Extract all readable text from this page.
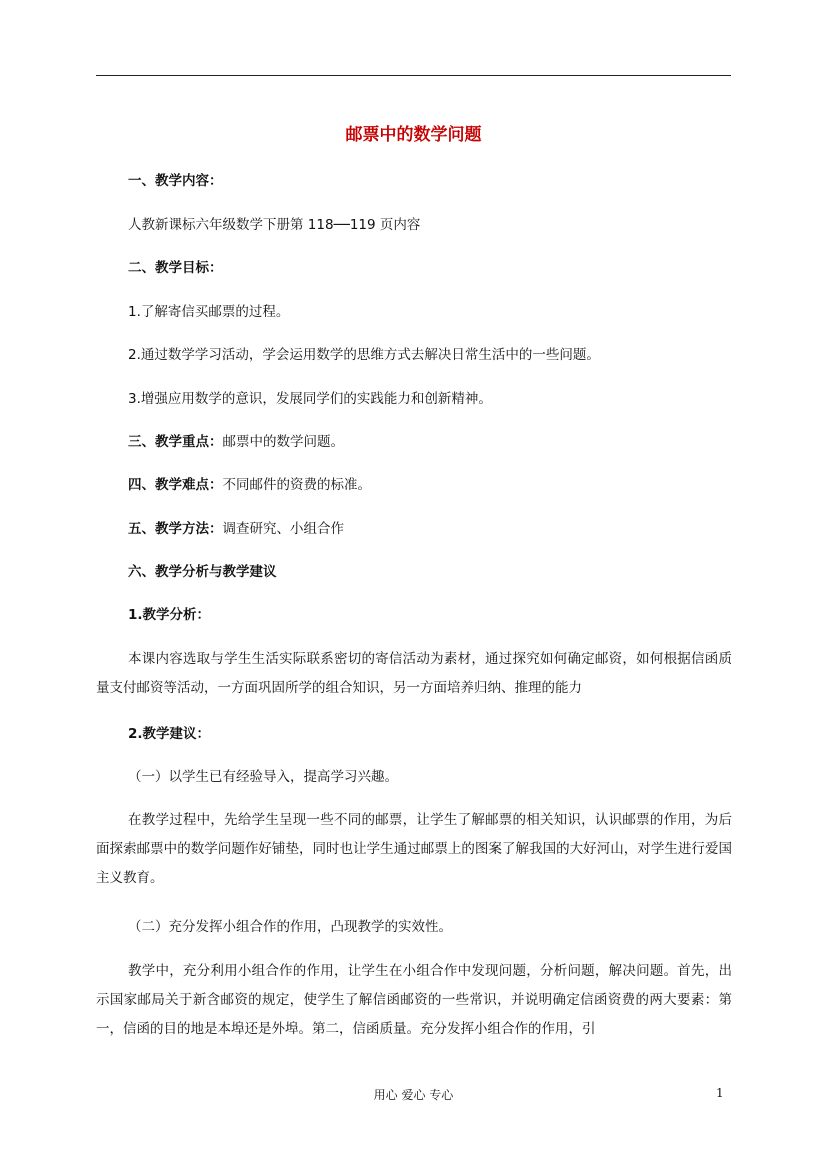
邮票中的数学问题
一、教学内容：
人教新课标六年级数学下册第 118──119 页内容
二、教学目标：
1.了解寄信买邮票的过程。
2.通过数学学习活动，学会运用数学的思维方式去解决日常生活中的一些问题。
3.增强应用数学的意识，发展同学们的实践能力和创新精神。
三、教学重点：邮票中的数学问题。
四、教学难点：不同邮件的资费的标准。
五、教学方法：调查研究、小组合作
六、教学分析与教学建议
1.教学分析：
本课内容选取与学生生活实际联系密切的寄信活动为素材，通过探究如何确定邮资，如何根据信函质量支付邮资等活动，一方面巩固所学的组合知识，另一方面培养归纳、推理的能力
2.教学建议：
（一）以学生已有经验导入，提高学习兴趣。
在教学过程中，先给学生呈现一些不同的邮票，让学生了解邮票的相关知识，认识邮票的作用，为后面探索邮票中的数学问题作好铺垫，同时也让学生通过邮票上的图案了解我国的大好河山，对学生进行爱国主义教育。
（二）充分发挥小组合作的作用，凸现教学的实效性。
教学中，充分利用小组合作的作用，让学生在小组合作中发现问题，分析问题，解决问题。首先，出示国家邮局关于新含邮资的规定，使学生了解信函邮资的一些常识，并说明确定信函资费的两大要素：第一，信函的目的地是本埠还是外埠。第二，信函质量。充分发挥小组合作的作用，引
用心 爱心 专心	1
